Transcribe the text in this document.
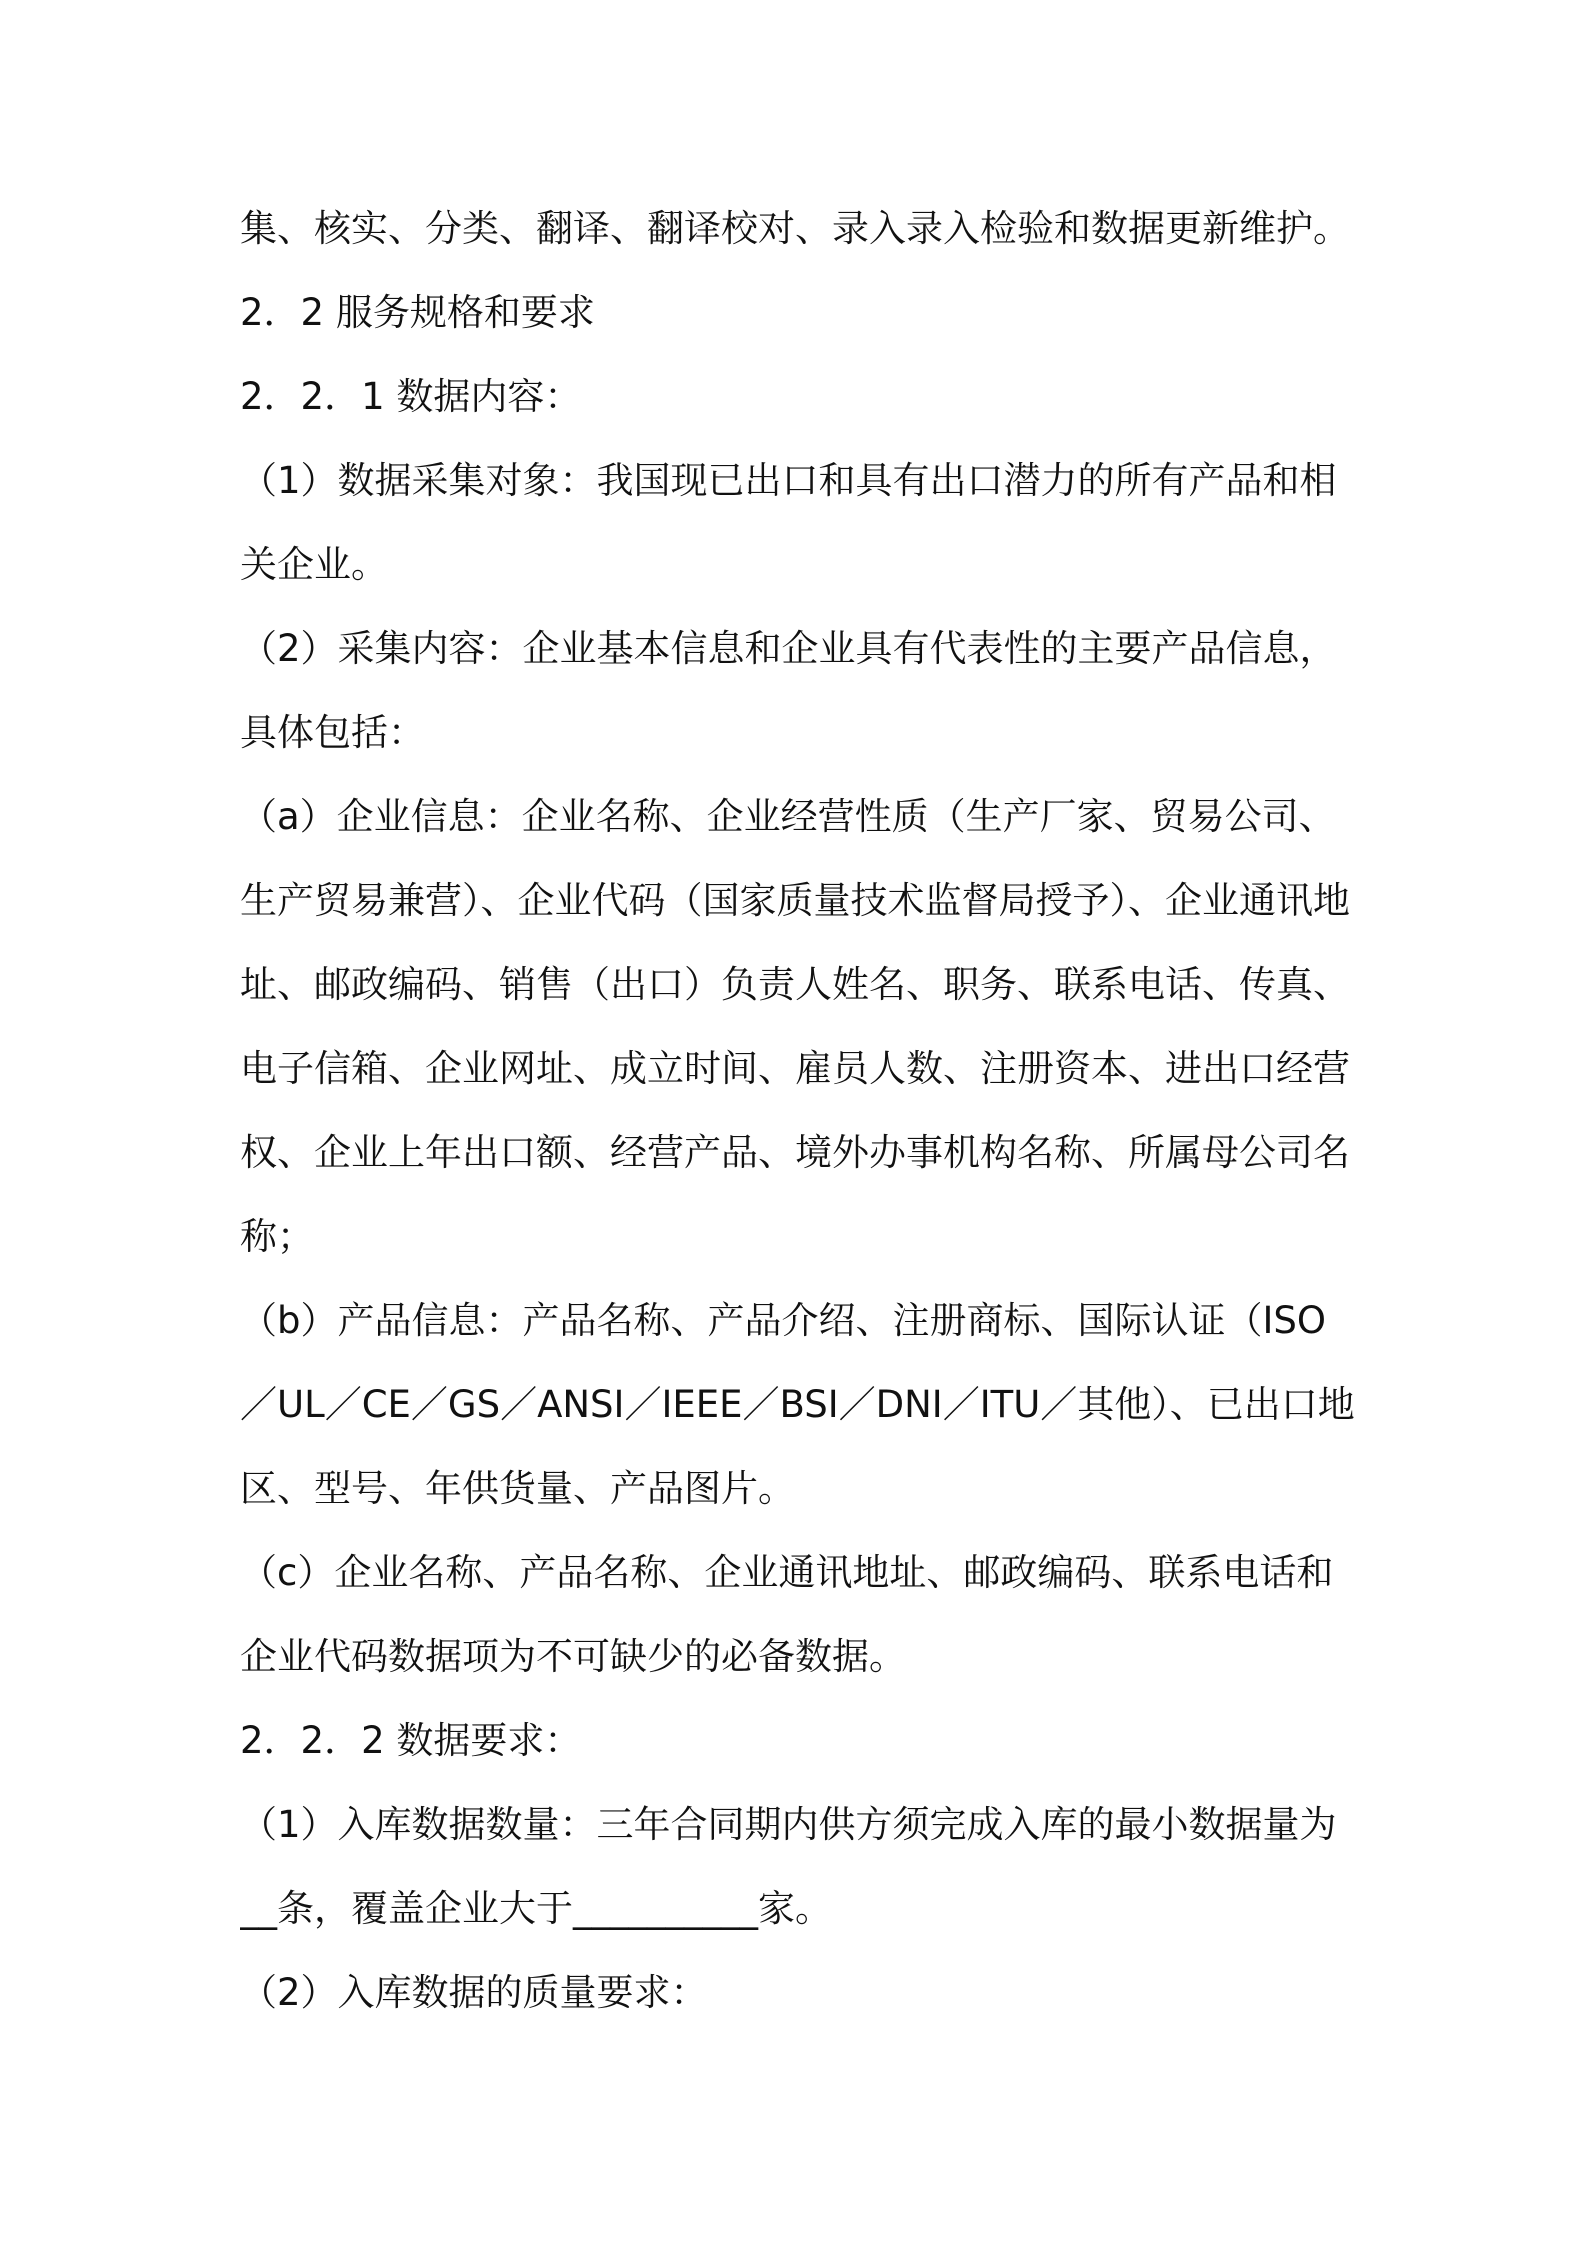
集、核实、分类、翻译、翻译校对、录入录入检验和数据更新维护。
2．2 服务规格和要求
2．2．1 数据内容：
（1）数据采集对象：我国现已出口和具有出口潜力的所有产品和相
关企业。
（2）采集内容：企业基本信息和企业具有代表性的主要产品信息，
具体包括：
（a）企业信息：企业名称、企业经营性质（生产厂家、贸易公司、
生产贸易兼营）、企业代码（国家质量技术监督局授予）、企业通讯地
址、邮政编码、销售（出口）负责人姓名、职务、联系电话、传真、
电子信箱、企业网址、成立时间、雇员人数、注册资本、进出口经营
权、企业上年出口额、经营产品、境外办事机构名称、所属母公司名
称；
（b）产品信息：产品名称、产品介绍、注册商标、国际认证（ISO
／UL／CE／GS／ANSI／IEEE／BSI／DNI／ITU／其他）、已出口地
区、型号、年供货量、产品图片。
（c）企业名称、产品名称、企业通讯地址、邮政编码、联系电话和
企业代码数据项为不可缺少的必备数据。
2．2．2 数据要求：
（1）入库数据数量：三年合同期内供方须完成入库的最小数据量为
__条，覆盖企业大于__________家。
（2）入库数据的质量要求：
